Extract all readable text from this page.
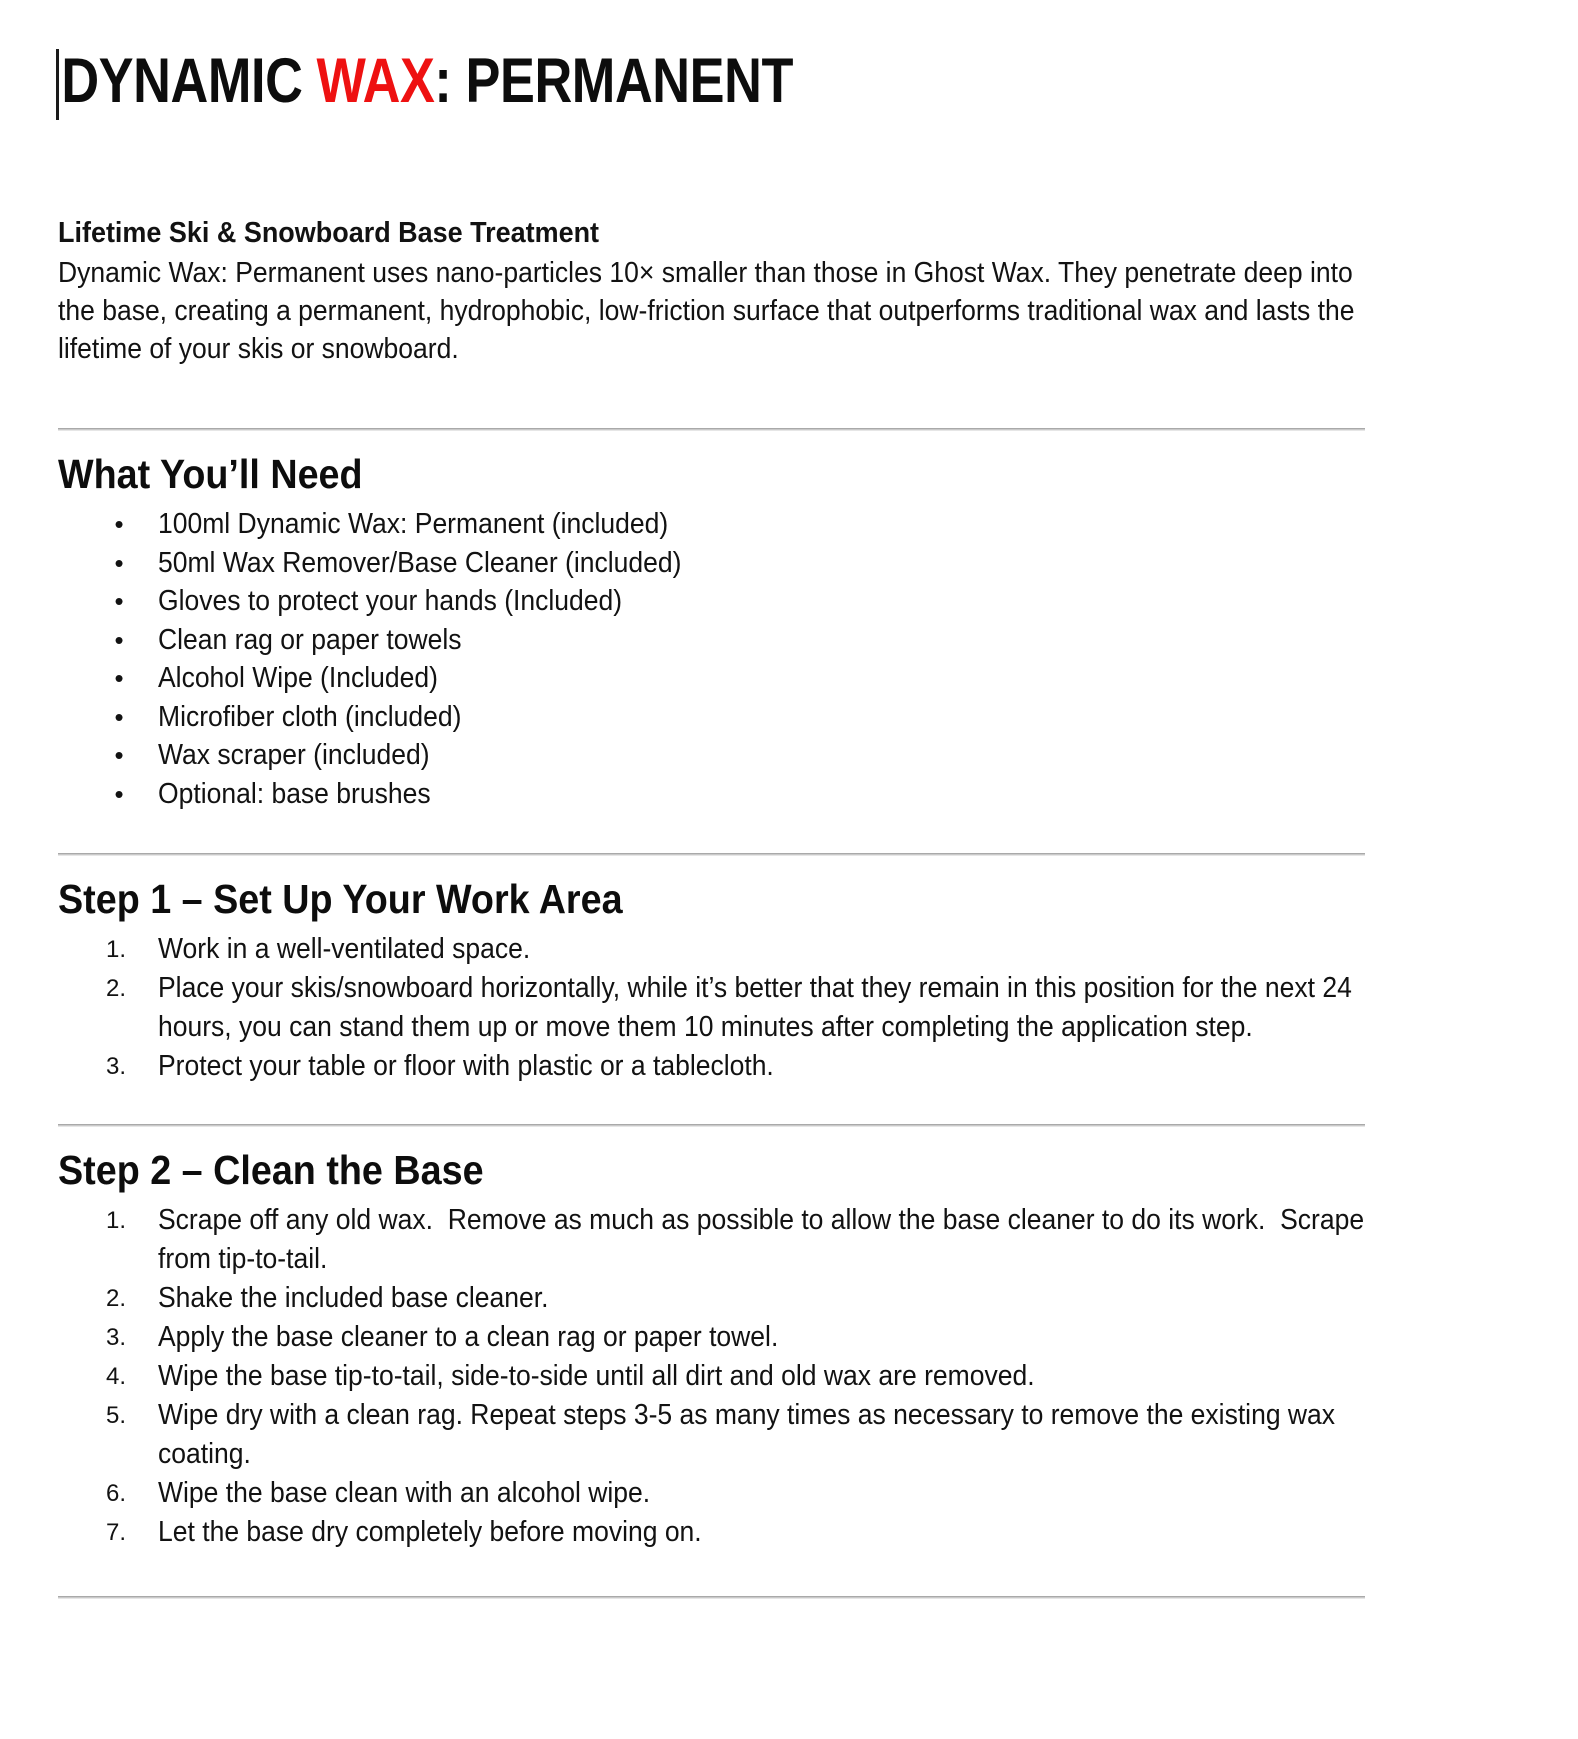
DYNAMIC WAX: PERMANENT

Lifetime Ski & Snowboard Base Treatment

Dynamic Wax: Permanent uses nano-particles 10× smaller than those in Ghost Wax. They penetrate deep into the base, creating a permanent, hydrophobic, low-friction surface that outperforms traditional wax and lasts the lifetime of your skis or snowboard.

What You’ll Need
• 100ml Dynamic Wax: Permanent (included)
• 50ml Wax Remover/Base Cleaner (included)
• Gloves to protect your hands (Included)
• Clean rag or paper towels
• Alcohol Wipe (Included)
• Microfiber cloth (included)
• Wax scraper (included)
• Optional: base brushes
Step 1 – Set Up Your Work Area
1.	Work in a well-ventilated space.
2.	Place your skis/snowboard horizontally, while it’s better that they remain in this position for the next 24 hours, you can stand them up or move them 10 minutes after completing the application step.
3.	Protect your table or floor with plastic or a tablecloth.
Step 2 – Clean the Base
1.	Scrape off any old wax.  Remove as much as possible to allow the base cleaner to do its work.  Scrape from tip-to-tail.
2.	Shake the included base cleaner.
3.	Apply the base cleaner to a clean rag or paper towel.
4.	Wipe the base tip-to-tail, side-to-side until all dirt and old wax are removed.
5.	Wipe dry with a clean rag. Repeat steps 3-5 as many times as necessary to remove the existing wax coating.
6.	Wipe the base clean with an alcohol wipe.
7.	Let the base dry completely before moving on.
